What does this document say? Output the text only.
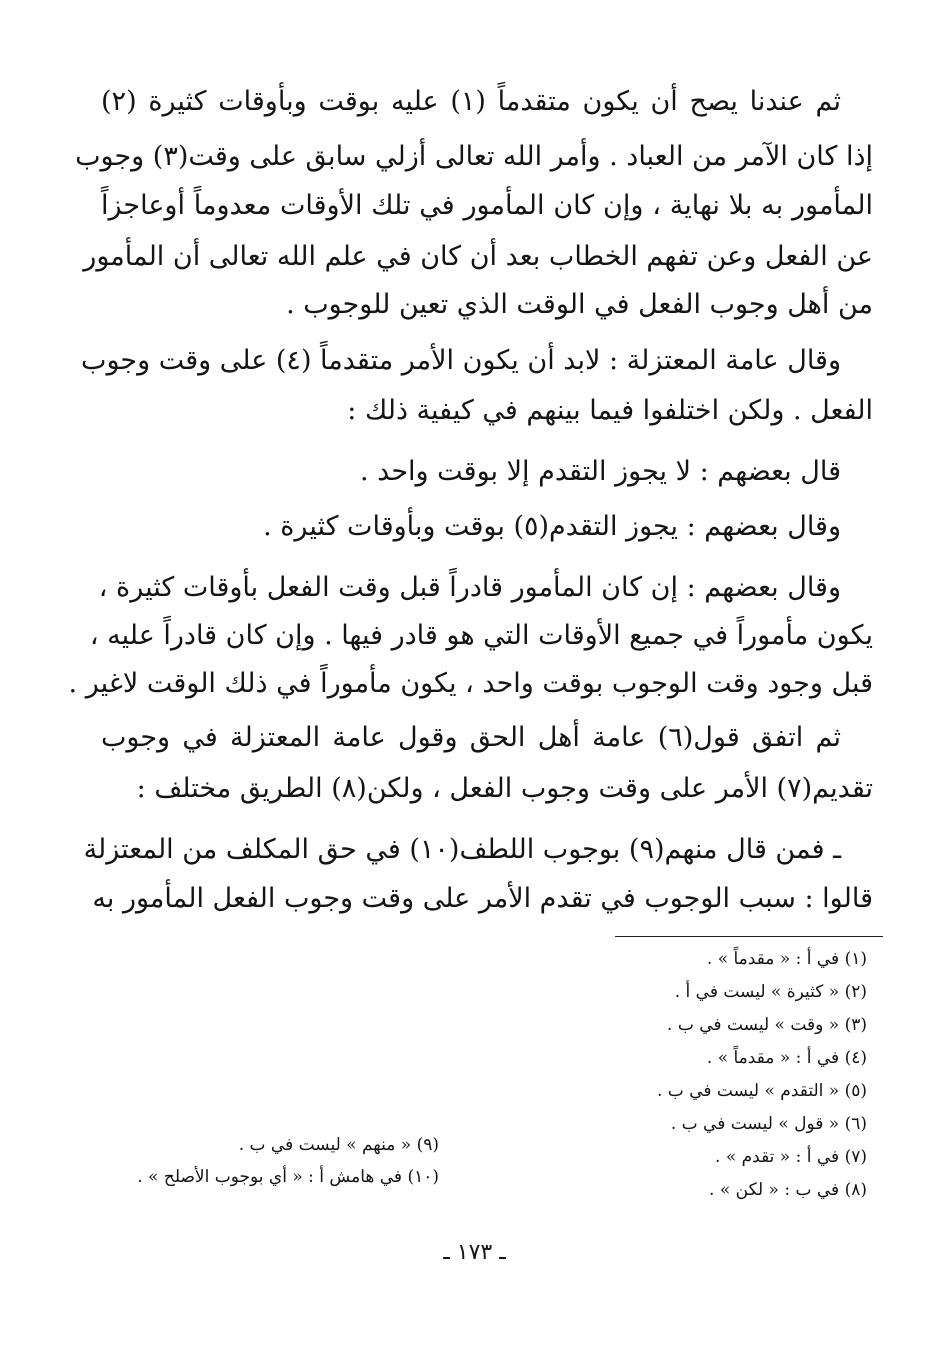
ثم عندنا يصح أن يكون متقدماً (١) عليه بوقت وبأوقات كثيرة (٢)
إذا كان الآمر من العباد . وأمر الله تعالى أزلي سابق على وقت(٣) وجوب
المأمور به بلا نهاية ، وإن كان المأمور في تلك الأوقات معدوماً أوعاجزاً
عن الفعل وعن تفهم الخطاب بعد أن كان في علم الله تعالى أن المأمور
من أهل وجوب الفعل في الوقت الذي تعين للوجوب .
وقال عامة المعتزلة : لابد أن يكون الأمر متقدماً (٤) على وقت وجوب
الفعل . ولكن اختلفوا فيما بينهم في كيفية ذلك :
قال بعضهم : لا يجوز التقدم إلا بوقت واحد .
وقال بعضهم : يجوز التقدم(٥) بوقت وبأوقات كثيرة .
وقال بعضهم : إن كان المأمور قادراً قبل وقت الفعل بأوقات كثيرة ،
يكون مأموراً في جميع الأوقات التي هو قادر فيها . وإن كان قادراً عليه ،
قبل وجود وقت الوجوب بوقت واحد ، يكون مأموراً في ذلك الوقت لاغير .
ثم اتفق قول(٦) عامة أهل الحق وقول عامة المعتزلة في وجوب
تقديم(٧) الأمر على وقت وجوب الفعل ، ولكن(٨) الطريق مختلف :
ـ فمن قال منهم(٩) بوجوب اللطف(١٠) في حق المكلف من المعتزلة
قالوا : سبب الوجوب في تقدم الأمر على وقت وجوب الفعل المأمور به
(١) في أ : « مقدماً » .
(٢) « كثيرة » ليست في أ .
(٣) « وقت » ليست في ب .
(٤) في أ : « مقدماً » .
(٥) « التقدم » ليست في ب .
(٦) « قول » ليست في ب .
(٧) في أ : « تقدم » .
(٨) في ب : « لكن » .
(٩) « منهم » ليست في ب .
(١٠) في هامش أ : « أي بوجوب الأصلح » .
ـ ١٧٣ ـ
